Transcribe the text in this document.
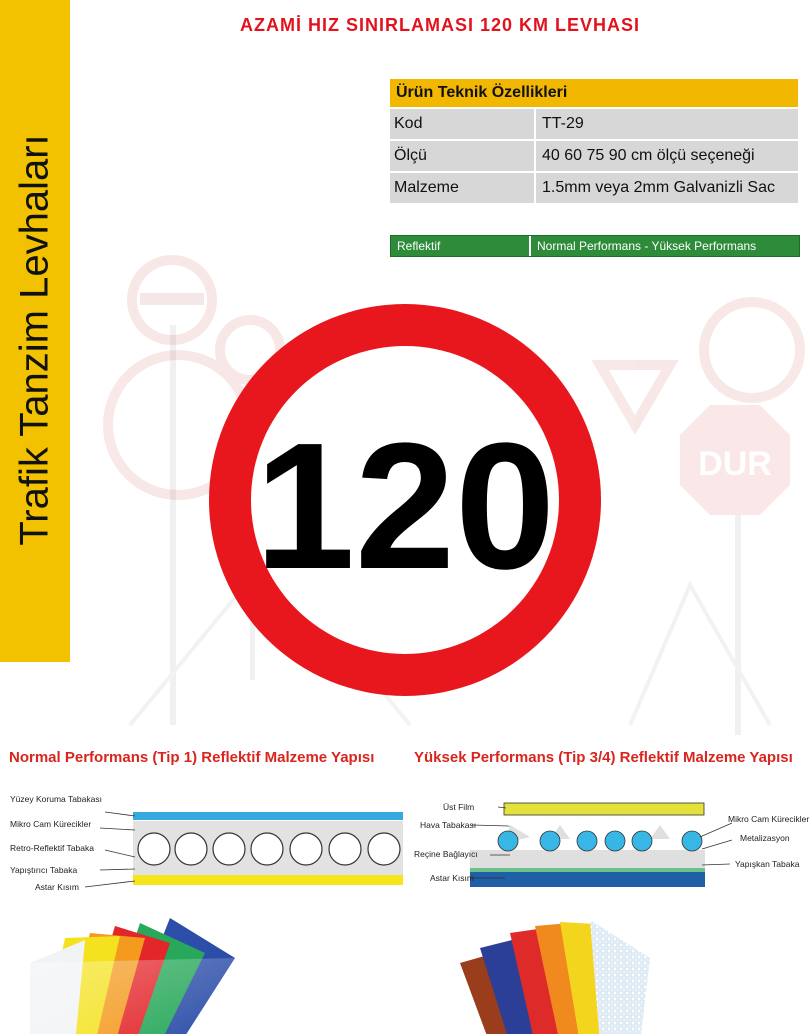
Trafik Tanzim Levhaları
AZAMİ HIZ SINIRLAMASI 120 KM LEVHASI
Ürün Teknik Özellikleri	
Kod	TT-29
Ölçü	40 60 75 90 cm ölçü seçeneği
Malzeme	1.5mm veya 2mm Galvanizli Sac
Reflektif	Normal Performans - Yüksek Performans
DUR
120
Normal Performans (Tip 1) Reflektif Malzeme Yapısı	Yüksek Performans (Tip 3/4) Reflektif Malzeme Yapısı
Yüzey Koruma Tabakası
Mikro Cam Kürecikler
Retro-Reflektif Tabaka
Yapıştırıcı Tabaka
Astar Kısım
Üst Film
Hava Tabakası
Reçine Bağlayıcı
Astar Kısım
Mikro Cam Kürecikler
Metalizasyon
Yapışkan Tabaka
